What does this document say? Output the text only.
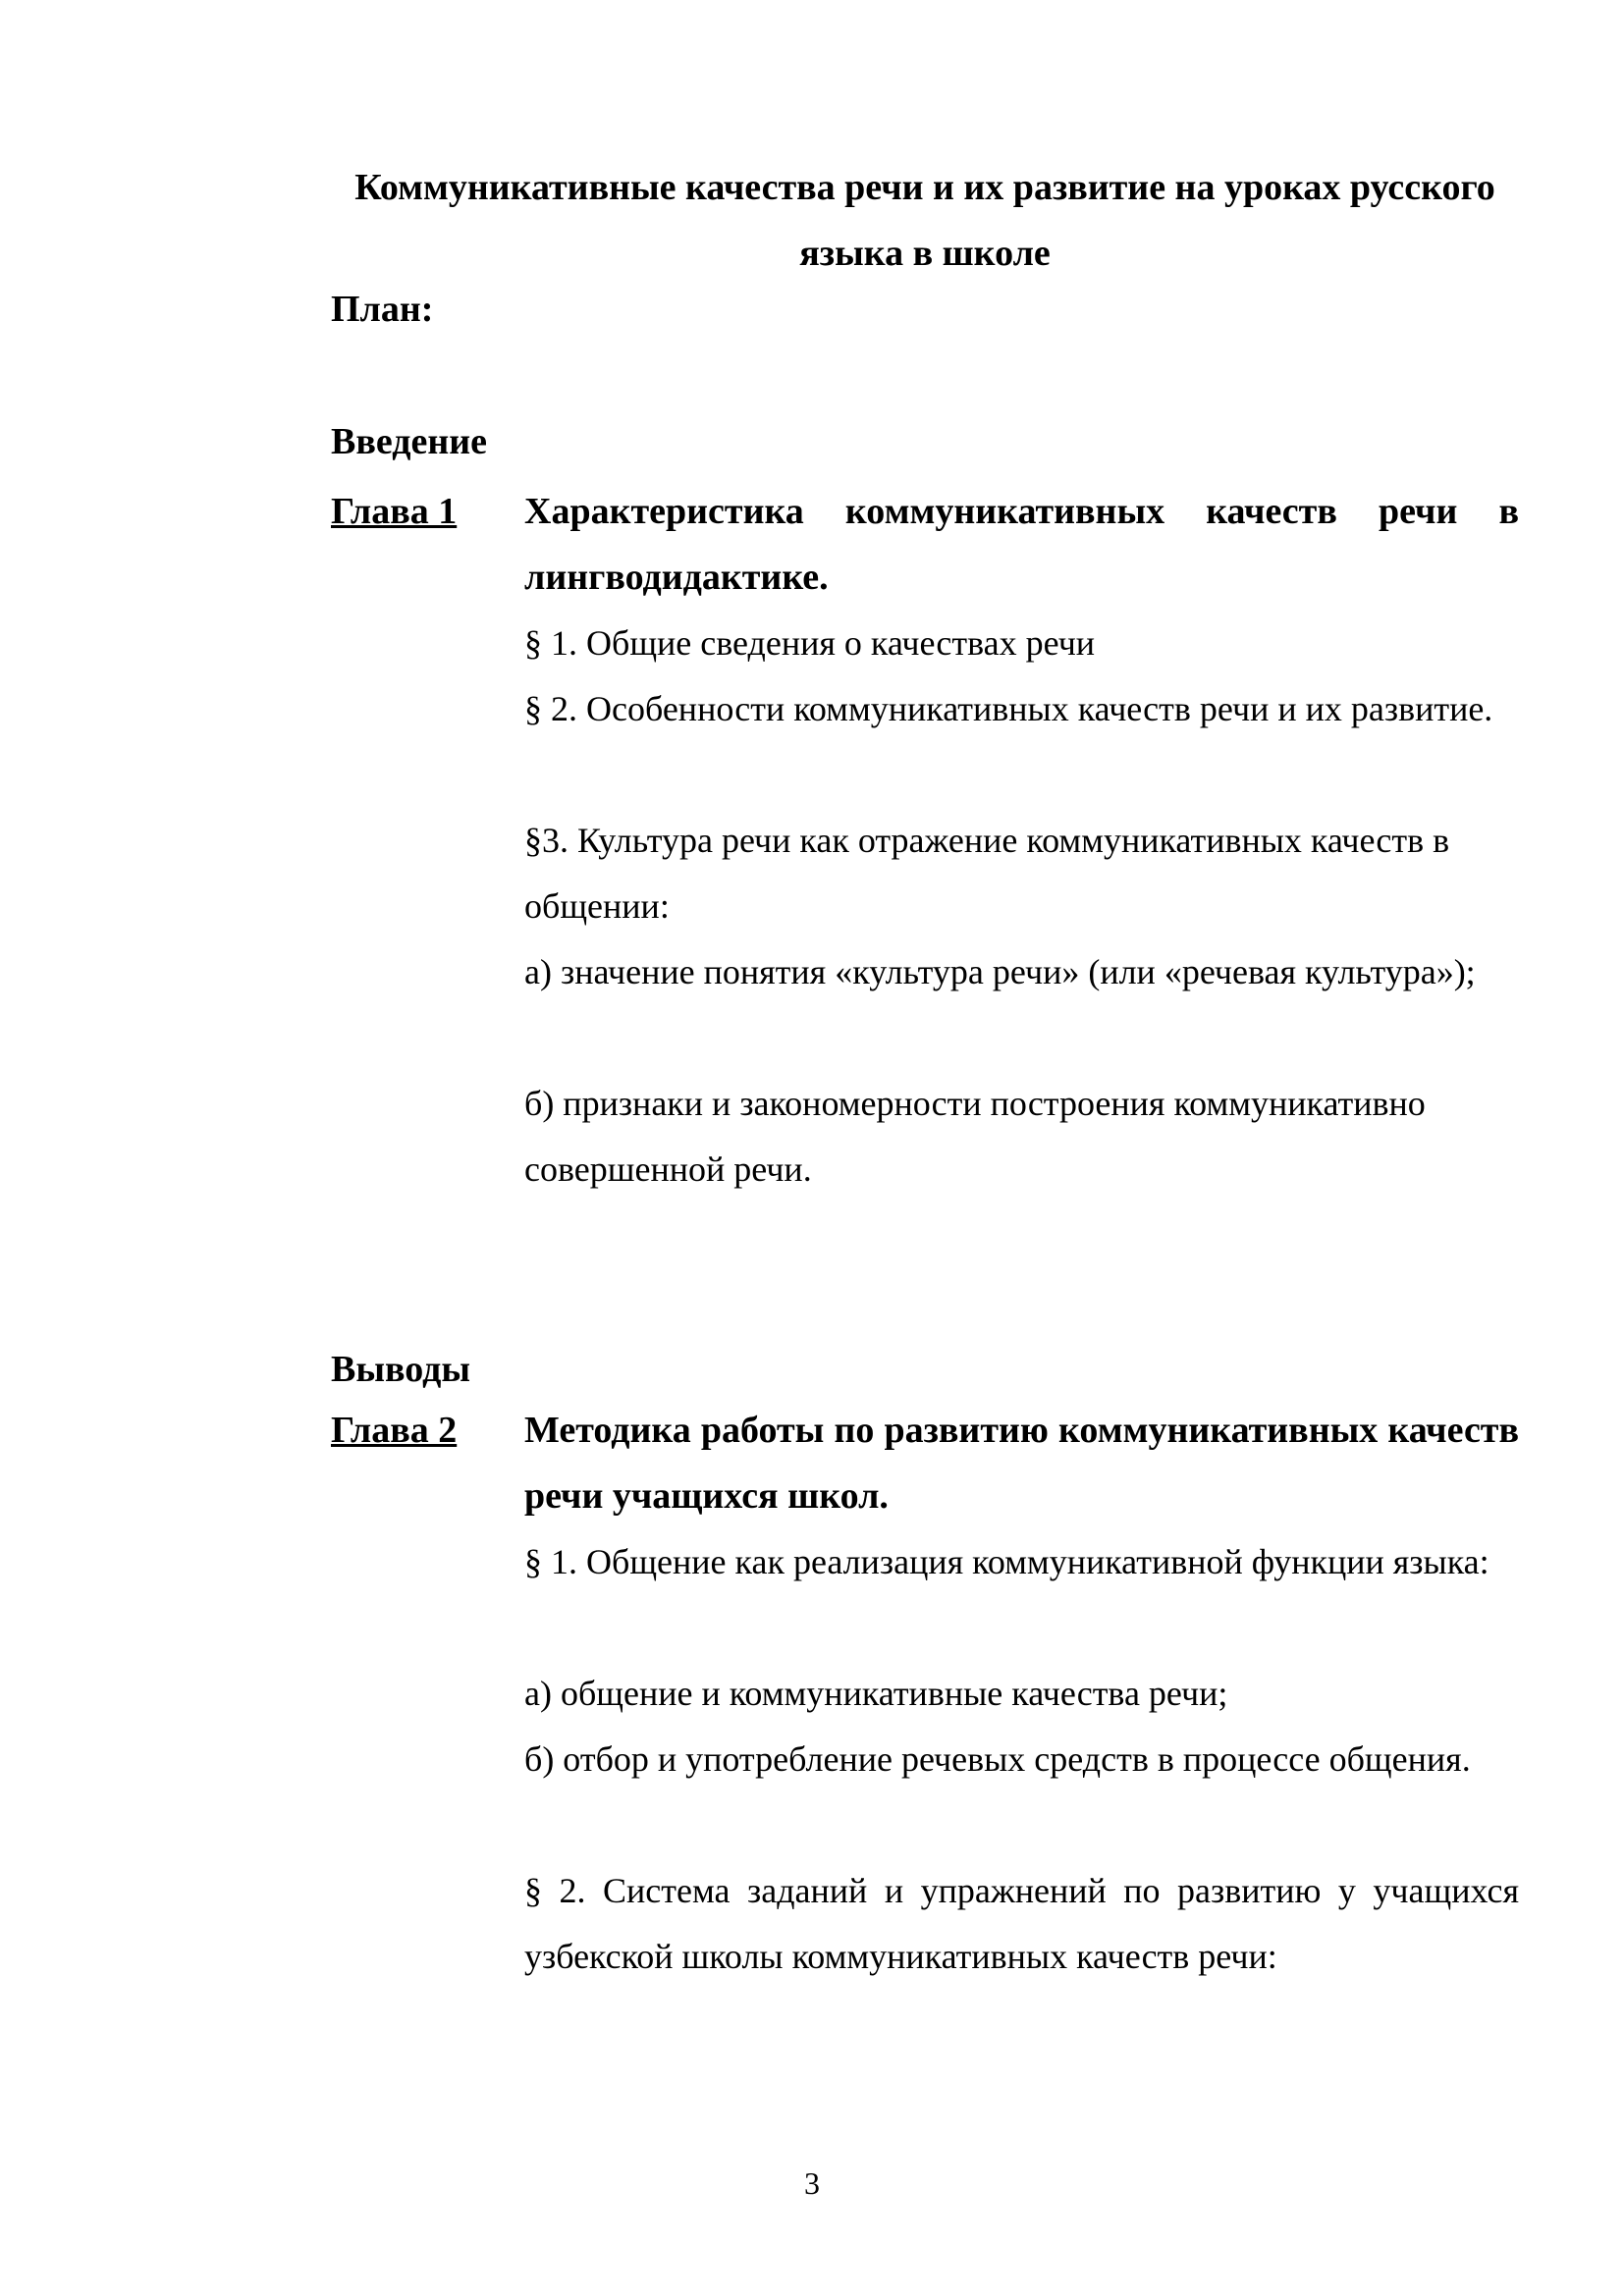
Коммуникативные качества речи и их развитие на уроках русского языка в школе

План:

Введение

Глава 1 Характеристика коммуникативных качеств речи в лингводидактике.

§ 1. Общие сведения о качествах речи

§ 2. Особенности коммуникативных качеств речи и их развитие.

§3. Культура речи как отражение коммуникативных качеств в общении:

а) значение понятия «культура речи» (или «речевая культура»);

б) признаки и закономерности построения коммуникативно совершенной речи.

Выводы

Глава 2 Методика работы по развитию коммуникативных качеств речи учащихся школ.

§ 1. Общение как реализация коммуникативной функции языка:

а) общение и коммуникативные качества речи;

б) отбор и употребление речевых средств в процессе общения.

§ 2. Система заданий и упражнений по развитию у учащихся узбекской школы коммуникативных качеств речи:

3
